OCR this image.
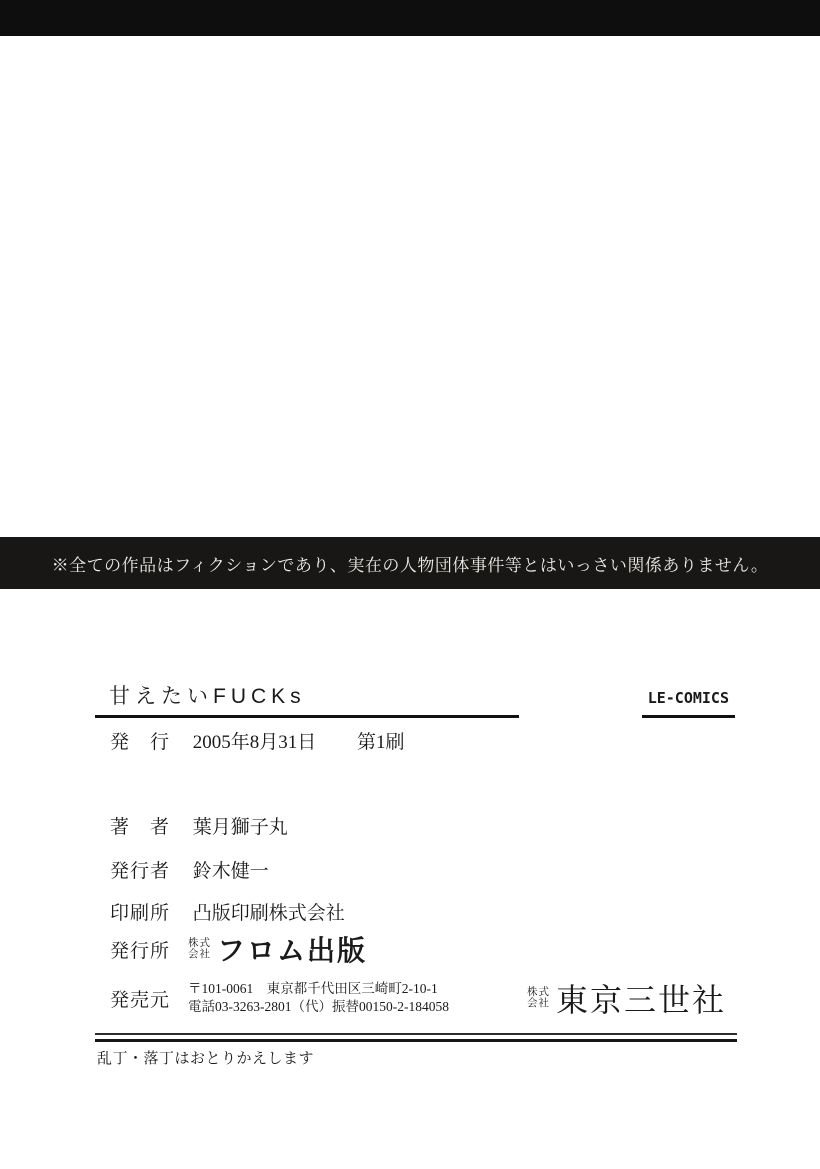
※全ての作品はフィクションであり、実在の人物団体事件等とはいっさい関係ありません。
甘えたいFUCKs	LE-COMICS
発　行 2005年8月31日 第1刷
著　者 葉月獅子丸
発行者 鈴木健一
印刷所 凸版印刷株式会社
発行所	株式
会社 フロム出版
発売元
〒101-0061　東京都千代田区三崎町2-10-1
電話03-3263-2801（代）振替00150-2-184058
株式
会社 東京三世社
乱丁・落丁はおとりかえします
